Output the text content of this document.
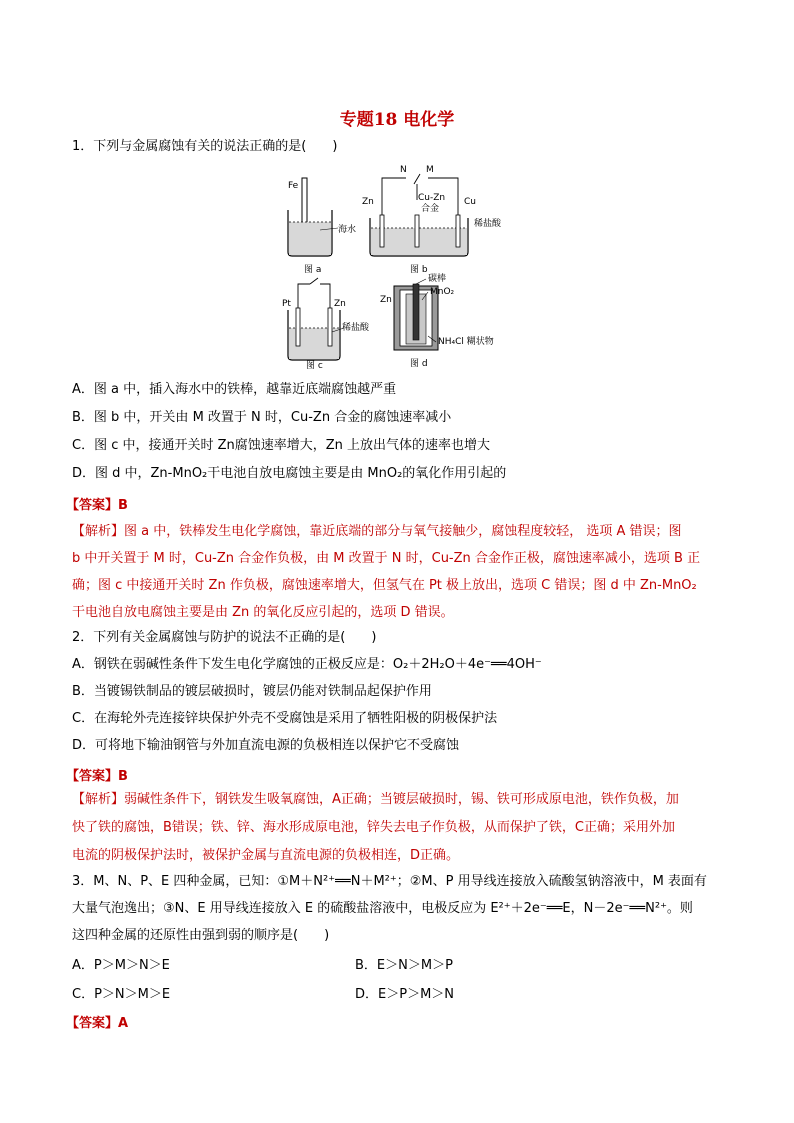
专题18 电化学
1．下列与金属腐蚀有关的说法正确的是(　　)
Fe
海水
图 a
N M
Cu-Zn
合金
Zn	Cu
稀盐酸
图 b
Pt	Zn
稀盐酸
图 c
碳棒
MnO₂
Zn
NH₄Cl 糊状物
图 d
A．图 a 中，插入海水中的铁棒，越靠近底端腐蚀越严重
B．图 b 中，开关由 M 改置于 N 时，Cu-Zn 合金的腐蚀速率减小
C．图 c 中，接通开关时 Zn腐蚀速率增大，Zn 上放出气体的速率也增大
D．图 d 中，Zn-MnO₂干电池自放电腐蚀主要是由 MnO₂的氧化作用引起的
【答案】B
【解析】图 a 中，铁棒发生电化学腐蚀，靠近底端的部分与氧气接触少，腐蚀程度较轻， 选项 A 错误；图
b 中开关置于 M 时，Cu-Zn 合金作负极，由 M 改置于 N 时，Cu-Zn 合金作正极，腐蚀速率减小，选项 B 正
确；图 c 中接通开关时 Zn 作负极，腐蚀速率增大，但氢气在 Pt 极上放出，选项 C 错误；图 d 中 Zn-MnO₂
干电池自放电腐蚀主要是由 Zn 的氧化反应引起的，选项 D 错误。
2．下列有关金属腐蚀与防护的说法不正确的是(　　)
A．钢铁在弱碱性条件下发生电化学腐蚀的正极反应是：O₂＋2H₂O＋4e⁻══4OH⁻
B．当镀锡铁制品的镀层破损时，镀层仍能对铁制品起保护作用
C．在海轮外壳连接锌块保护外壳不受腐蚀是采用了牺牲阳极的阴极保护法
D．可将地下输油钢管与外加直流电源的负极相连以保护它不受腐蚀
【答案】B
【解析】弱碱性条件下，钢铁发生吸氧腐蚀，A正确；当镀层破损时，锡、铁可形成原电池，铁作负极，加
快了铁的腐蚀，B错误；铁、锌、海水形成原电池，锌失去电子作负极，从而保护了铁，C正确；采用外加
电流的阴极保护法时，被保护金属与直流电源的负极相连，D正确。
3．M、N、P、E 四种金属，已知：①M＋N²⁺══N＋M²⁺；②M、P 用导线连接放入硫酸氢钠溶液中，M 表面有
大量气泡逸出；③N、E 用导线连接放入 E 的硫酸盐溶液中，电极反应为 E²⁺＋2e⁻══E，N－2e⁻══N²⁺。则
这四种金属的还原性由强到弱的顺序是(　　)
A．P＞M＞N＞E	B．E＞N＞M＞P
C．P＞N＞M＞E	D．E＞P＞M＞N
【答案】A
